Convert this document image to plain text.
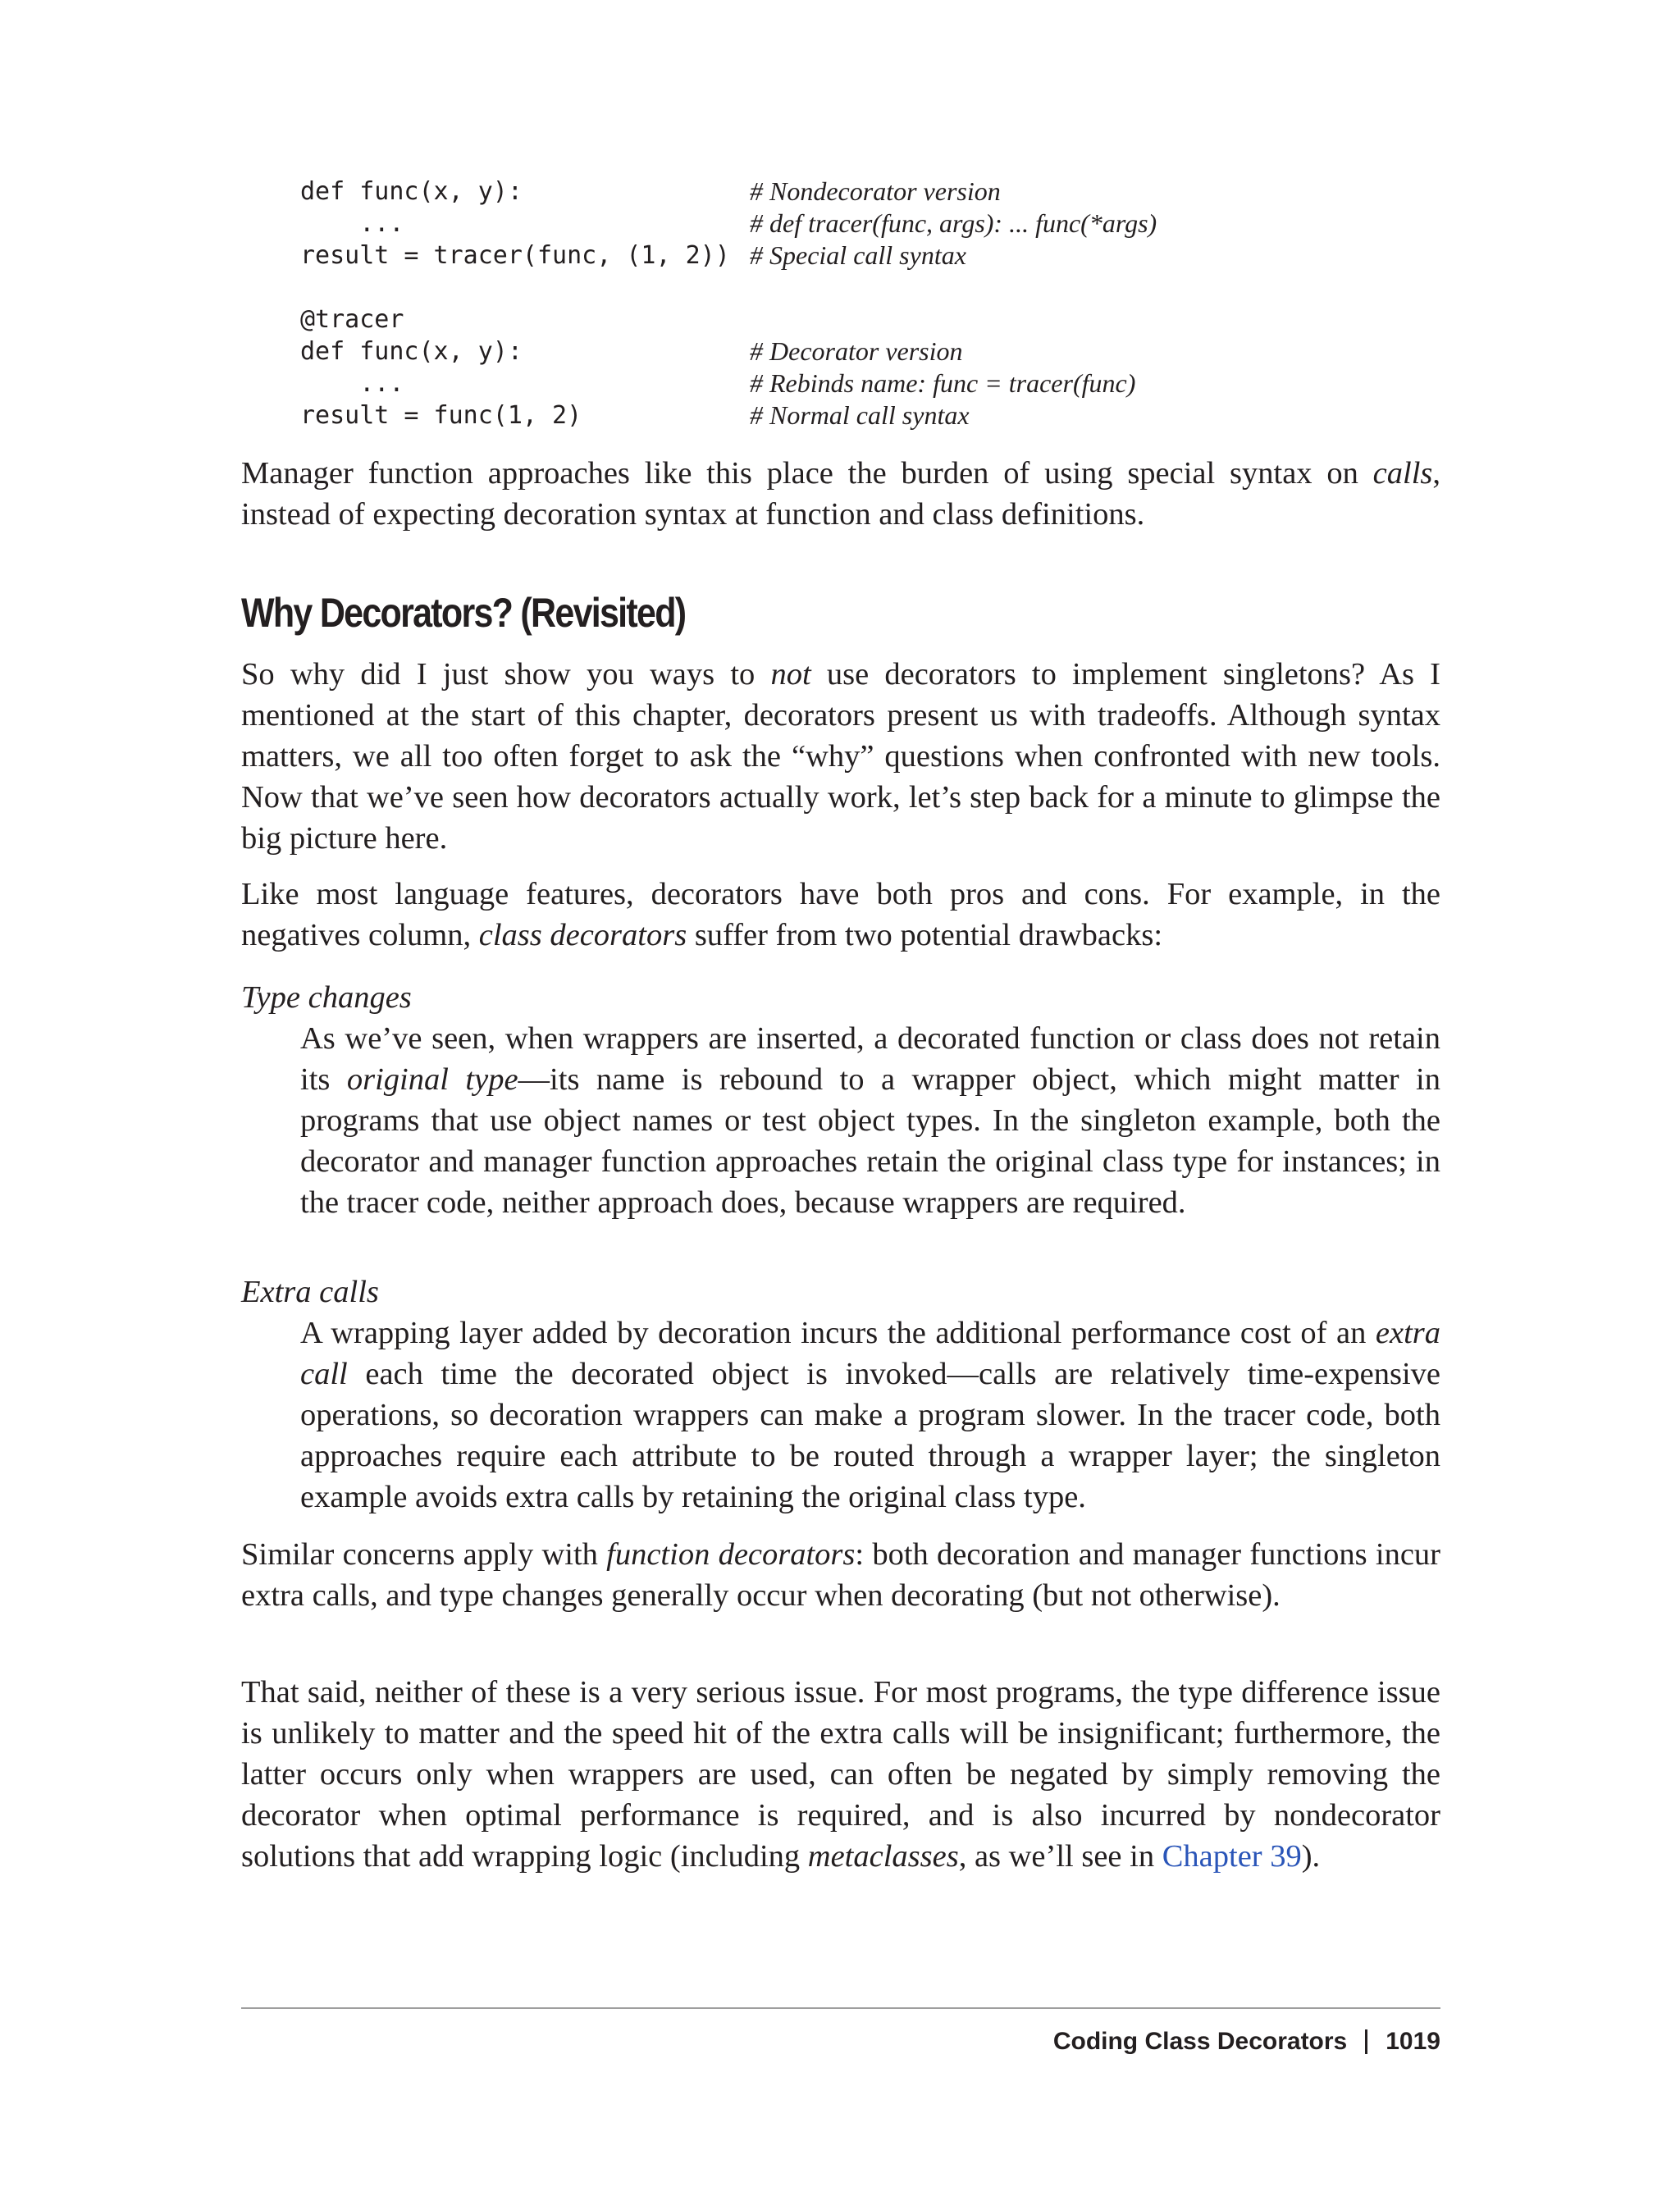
def func(x, y):	# Nondecorator version
...	# def tracer(func, args): ... func(*args)
result = tracer(func, (1, 2)) # Special call syntax
@tracer
def func(x, y):	# Decorator version
...	# Rebinds name: func = tracer(func)
result = func(1, 2)	# Normal call syntax

Manager function approaches like this place the burden of using special syntax on calls, instead of expecting decoration syntax at function and class definitions.

Why Decorators? (Revisited)

So why did I just show you ways to not use decorators to implement singletons? As I mentioned at the start of this chapter, decorators present us with tradeoffs. Although syntax matters, we all too often forget to ask the “why” questions when confronted with new tools. Now that we’ve seen how decorators actually work, let’s step back for a minute to glimpse the big picture here.

Like most language features, decorators have both pros and cons. For example, in the negatives column, class decorators suffer from two potential drawbacks:

Type changes

As we’ve seen, when wrappers are inserted, a decorated function or class does not retain its original type—its name is rebound to a wrapper object, which might matter in programs that use object names or test object types. In the singleton example, both the decorator and manager function approaches retain the original class type for instances; in the tracer code, neither approach does, because wrappers are required.

Extra calls

A wrapping layer added by decoration incurs the additional performance cost of an extra call each time the decorated object is invoked—calls are relatively time-expensive operations, so decoration wrappers can make a program slower. In the tracer code, both approaches require each attribute to be routed through a wrapper layer; the singleton example avoids extra calls by retaining the original class type.

Similar concerns apply with function decorators: both decoration and manager functions incur extra calls, and type changes generally occur when decorating (but not otherwise).

That said, neither of these is a very serious issue. For most programs, the type difference issue is unlikely to matter and the speed hit of the extra calls will be insignificant; furthermore, the latter occurs only when wrappers are used, can often be negated by simply removing the decorator when optimal performance is required, and is also incurred by nondecorator solutions that add wrapping logic (including metaclasses, as we’ll see in Chapter 39).

Coding Class Decorators 1019
